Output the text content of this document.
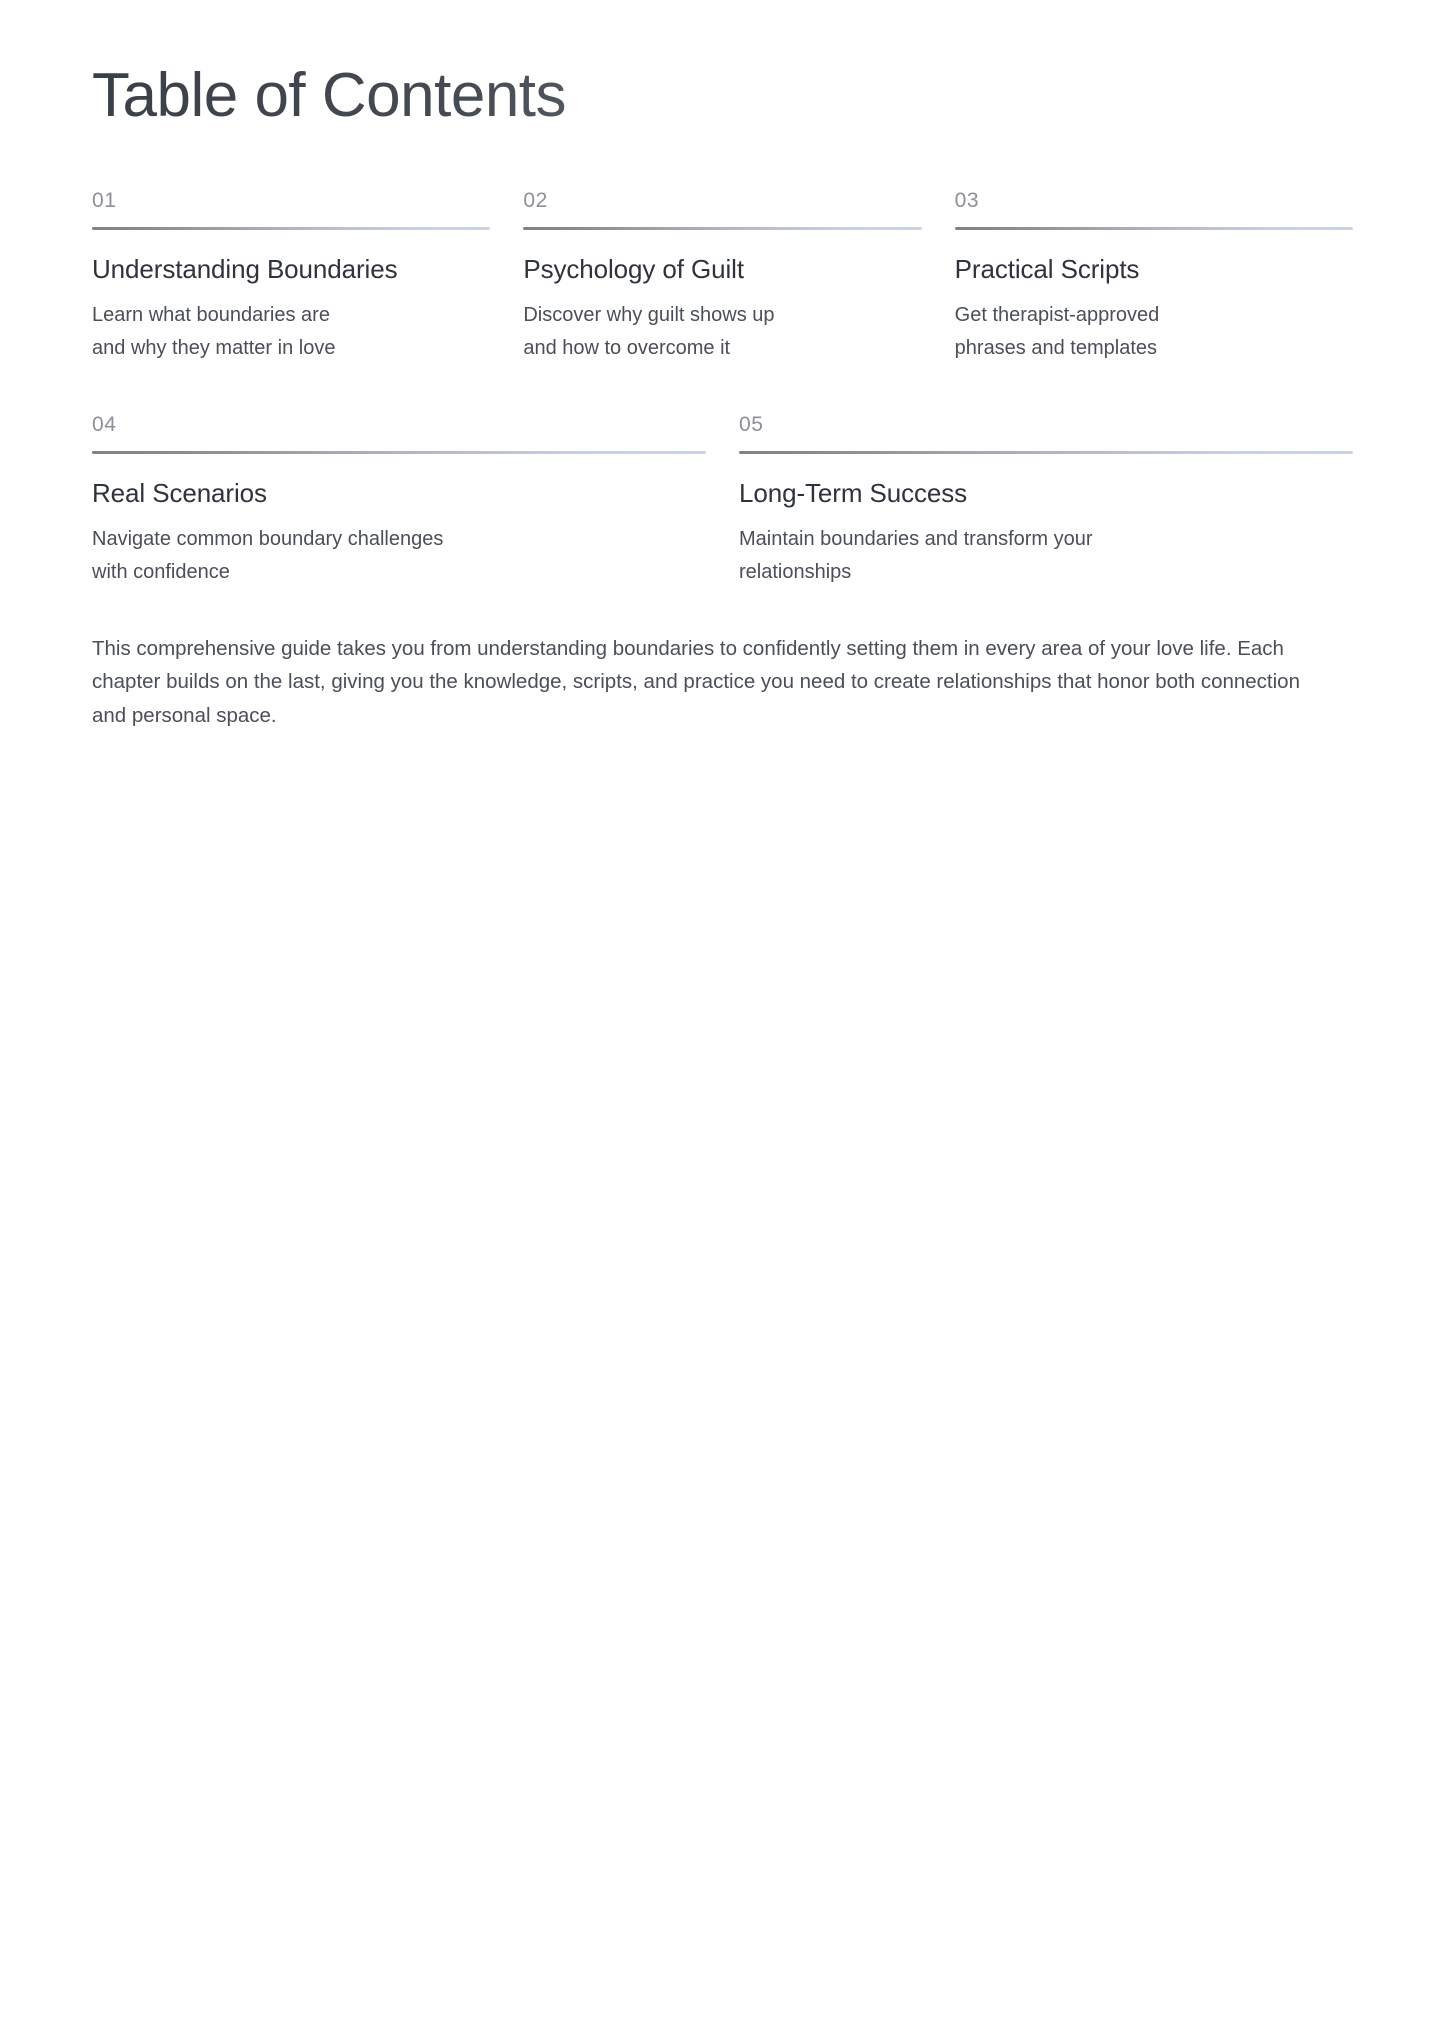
Table of Contents
01
Understanding Boundaries

Learn what boundaries are and why they matter in love

02
Psychology of Guilt

Discover why guilt shows up and how to overcome it

03
Practical Scripts

Get therapist-approved phrases and templates

04
Real Scenarios

Navigate common boundary challenges with confidence

05
Long-Term Success

Maintain boundaries and transform your relationships

This comprehensive guide takes you from understanding boundaries to confidently setting them in every area of your love life. Each chapter builds on the last, giving you the knowledge, scripts, and practice you need to create relationships that honor both connection and personal space.
